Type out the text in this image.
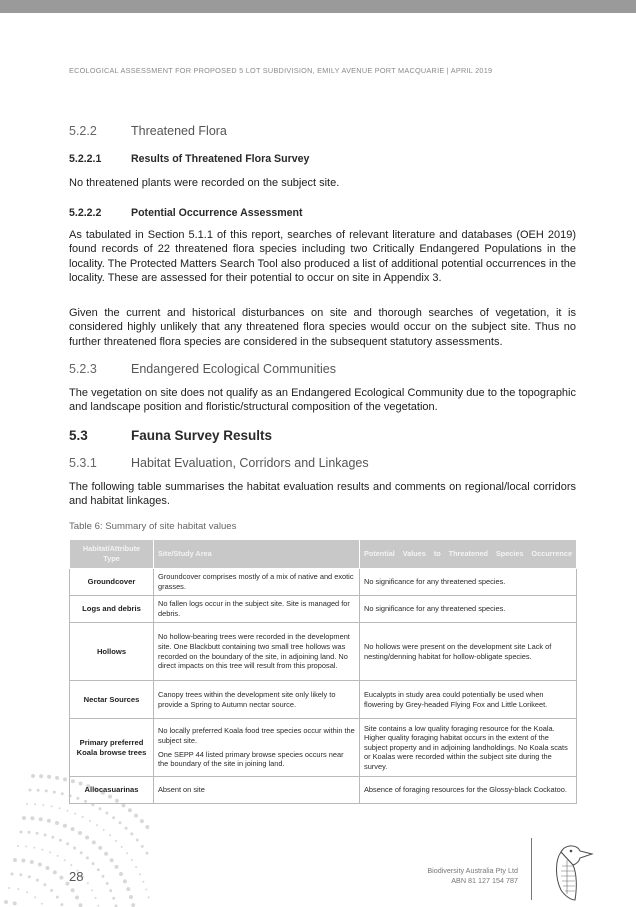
ECOLOGICAL ASSESSMENT FOR PROPOSED 5 LOT SUBDIVISION, EMILY AVENUE PORT MACQUARIE | APRIL 2019
5.2.2	Threatened Flora
5.2.2.1	Results of Threatened Flora Survey

No threatened plants were recorded on the subject site.

5.2.2.2	Potential Occurrence Assessment

As tabulated in Section 5.1.1 of this report, searches of relevant literature and databases (OEH 2019) found records of 22 threatened flora species including two Critically Endangered Populations in the locality. The Protected Matters Search Tool also produced a list of additional potential occurrences in the locality. These are assessed for their potential to occur on site in Appendix 3.

Given the current and historical disturbances on site and thorough searches of vegetation, it is considered highly unlikely that any threatened flora species would occur on the subject site. Thus no further threatened flora species are considered in the subsequent statutory assessments.

5.2.3	Endangered Ecological Communities

The vegetation on site does not qualify as an Endangered Ecological Community due to the topographic and landscape position and floristic/structural composition of the vegetation.

5.3	Fauna Survey Results
5.3.1	Habitat Evaluation, Corridors and Linkages

The following table summarises the habitat evaluation results and comments on regional/local corridors and habitat linkages.

Table 6: Summary of site habitat values
Habitat/Attribute Type	Site/Study Area	Potential Values to Threatened Species Occurrence
Groundcover	Groundcover comprises mostly of a mix of native and exotic grasses.	No significance for any threatened species.
Logs and debris	No fallen logs occur in the subject site. Site is managed for debris.	No significance for any threatened species.
Hollows	No hollow-bearing trees were recorded in the development site. One Blackbutt containing two small tree hollows was recorded on the boundary of the site, in adjoining land. No direct impacts on this tree will result from this proposal.	No hollows were present on the development site Lack of nesting/denning habitat for hollow-obligate species.
Nectar Sources	Canopy trees within the development site only likely to provide a Spring to Autumn nectar source.	Eucalypts in study area could potentially be used when flowering by Grey-headed Flying Fox and Little Lorikeet.
Primary preferred Koala browse trees	No locally preferred Koala food tree species occur within the subject site.

One SEPP 44 listed primary browse species occurs near the boundary of the site in joining land.	Site contains a low quality foraging resource for the Koala. Higher quality foraging habitat occurs in the extent of the subject property and in adjoining landholdings. No Koala scats or Koalas were recorded within the subject site during the survey.
Allocasuarinas	Absent on site	Absence of foraging resources for the Glossy-black Cockatoo.
28	Biodiversity Australia Pty Ltd
ABN 81 127 154 787
